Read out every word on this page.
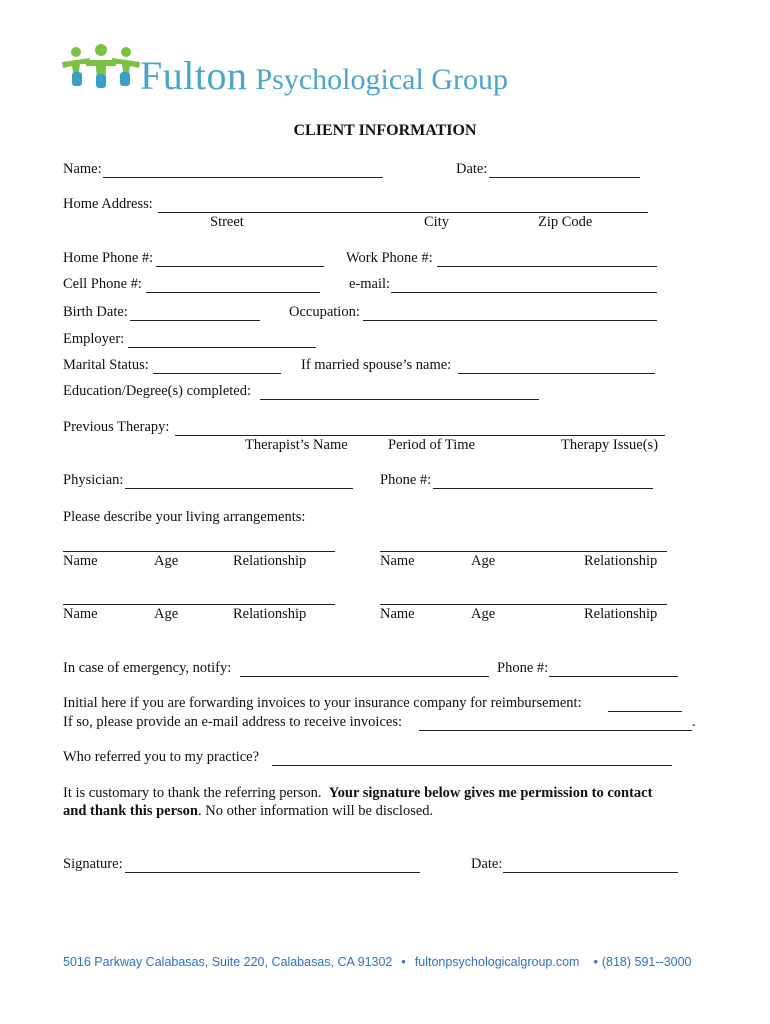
Fulton Psychological Group
CLIENT INFORMATION
Name:	Date:
Home Address:
Street	City	Zip Code
Home Phone #:	Work Phone #:
Cell Phone #:	e-mail:
Birth Date:	Occupation:
Employer:
Marital Status:	If married spouse’s name:
Education/Degree(s) completed:
Previous Therapy:
Therapist’s Name	Period of Time	Therapy Issue(s)
Physician:	Phone #:
Please describe your living arrangements:
Name	Age	Relationship	Name	Age	Relationship
Name	Age	Relationship	Name	Age	Relationship
In case of emergency, notify:	Phone #:
Initial here if you are forwarding invoices to your insurance company for reimbursement:
If so, please provide an e-mail address to receive invoices:	.
Who referred you to my practice?
It is customary to thank the referring person. Your signature below gives me permission to contact
and thank this person. No other information will be disclosed.
Signature:	Date:
5016 Parkway Calabasas, Suite 220, Calabasas, CA 91302 • fultonpsychologicalgroup.com • (818) 591--3000
